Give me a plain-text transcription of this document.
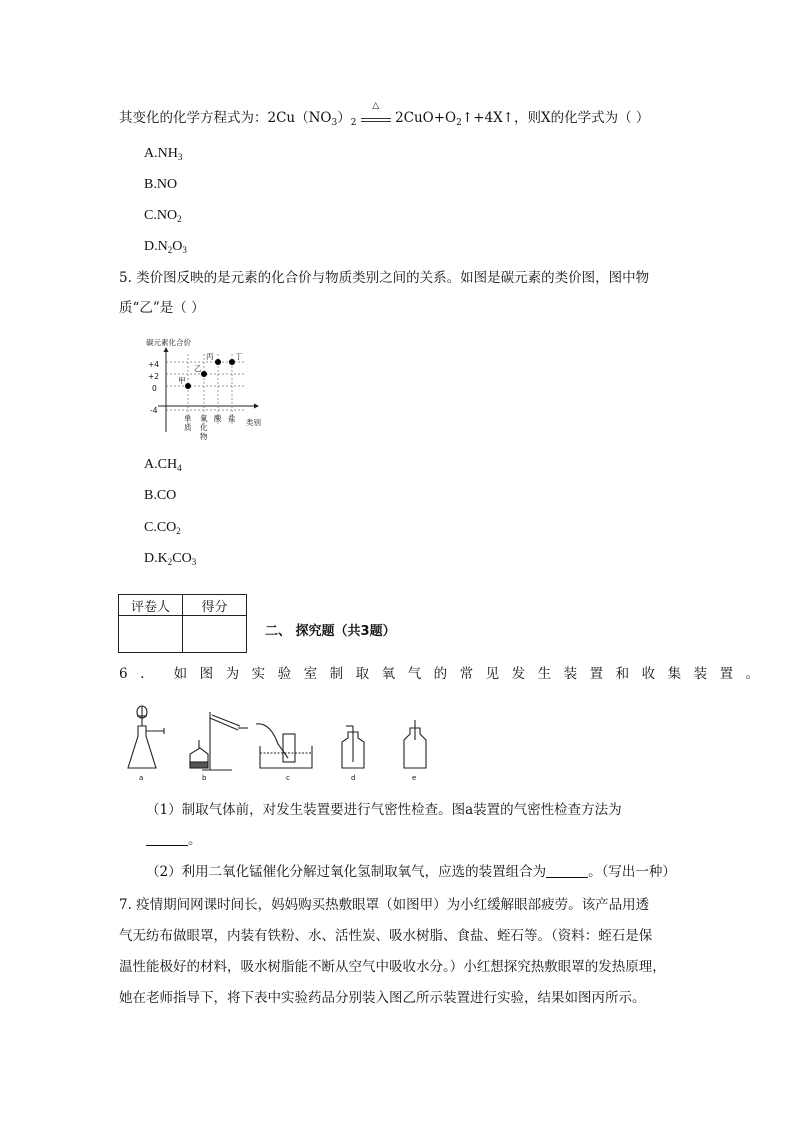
其变化的化学方程式为：$2Cu(NO_3)_2$
△
$2CuO+O_2↑+4X↑$，则X的化学式为（ ）
$A.NH_3$
B.NO
$C.NO_2$
$D.N_2O_3$
5. 类价图反映的是元素的化合价与物质类别之间的关系。如图是碳元素的类价图，图中物
质“乙”是（ ）
碳元素化合价
+4
+2
0
-4
类别
单
质
氧
化
物
酸 盐
甲
乙
丙	丁
$A.CH_4$
B.CO
$C.CO_2$
$D.K_2CO_3$
评卷人	得分

二、 探究题（共3题）
6. 如图为实验室制取氧气的常见发生装置和收集装置。
a	b	c	d	e
（1）制取气体前，对发生装置要进行气密性检查。图a装置的气密性检查方法为
。
（2）利用二氧化锰催化分解过氧化氢制取氧气，应选的装置组合为	。（写出一种）
7. 疫情期间网课时间长，妈妈购买热敷眼罩（如图甲）为小红缓解眼部疲劳。该产品用透
气无纺布做眼罩，内装有铁粉、水、活性炭、吸水树脂、食盐、蛭石等。（资料：蛭石是保
温性能极好的材料，吸水树脂能不断从空气中吸收水分。）小红想探究热敷眼罩的发热原理，
她在老师指导下，将下表中实验药品分别装入图乙所示装置进行实验，结果如图丙所示。
